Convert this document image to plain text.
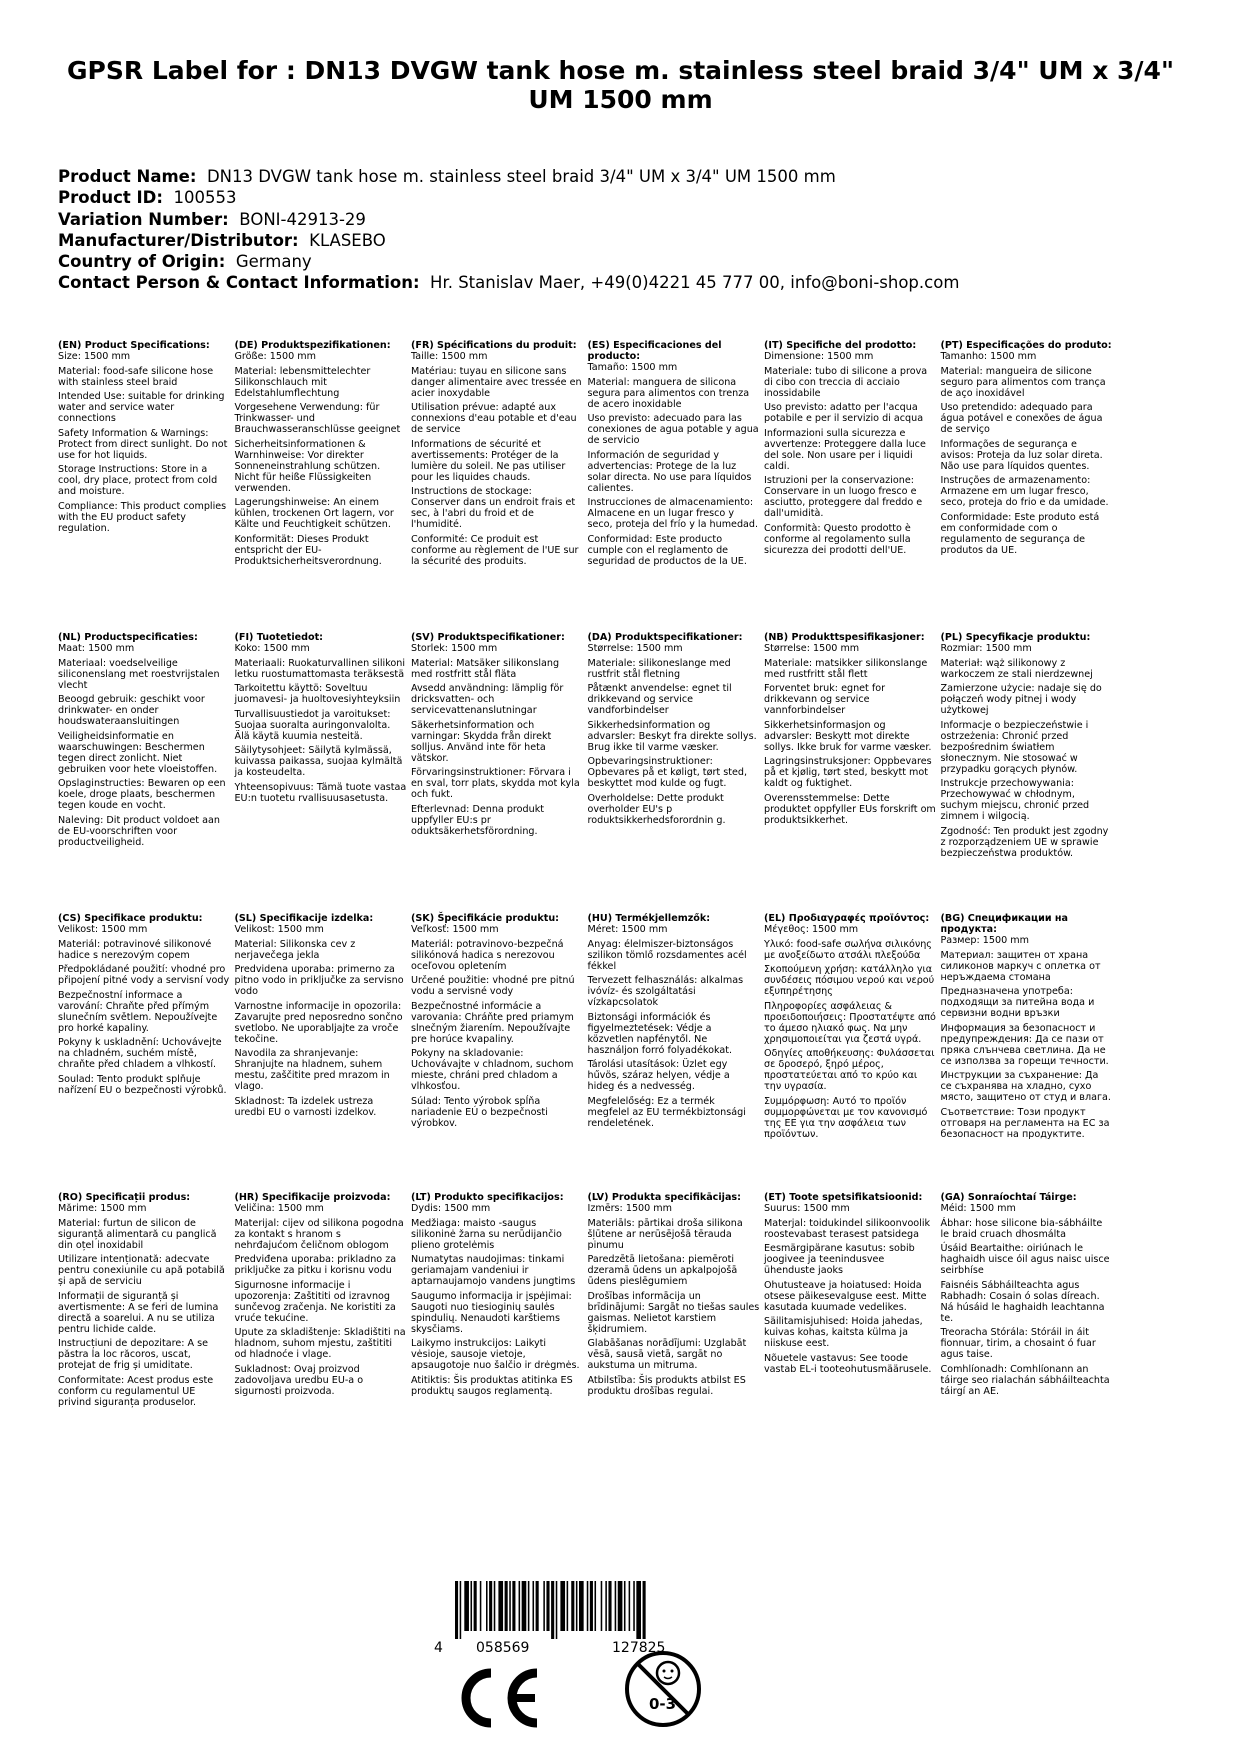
GPSR Label for : DN13 DVGW tank hose m. stainless steel braid 3/4" UM x 3/4" UM 1500 mm
Product Name: DN13 DVGW tank hose m. stainless steel braid 3/4" UM x 3/4" UM 1500 mm
Product ID: 100553
Variation Number: BONI-42913-29
Manufacturer/Distributor: KLASEBO
Country of Origin: Germany
Contact Person & Contact Information: Hr. Stanislav Maer, +49(0)4221 45 777 00, info@boni-shop.com
(EN) Product Specifications:

Size: 1500 mm

Material: food-safe silicone hose with stainless steel braid

Intended Use: suitable for drinking water and service water connections

Safety Information & Warnings: Protect from direct sunlight. Do not use for hot liquids.

Storage Instructions: Store in a cool, dry place, protect from cold and moisture.

Compliance: This product complies with the EU product safety regulation.

(DE) Produktspezifikationen:

Größe: 1500 mm

Material: lebensmittelechter Silikonschlauch mit Edelstahlumflechtung

Vorgesehene Verwendung: für Trinkwasser- und Brauchwasseranschlüsse geeignet

Sicherheitsinformationen & Warnhinweise: Vor direkter Sonneneinstrahlung schützen. Nicht für heiße Flüssigkeiten verwenden.

Lagerungshinweise: An einem kühlen, trockenen Ort lagern, vor Kälte und Feuchtigkeit schützen.

Konformität: Dieses Produkt entspricht der EU-Produktsicherheitsverordnung.

(FR) Spécifications du produit:

Taille: 1500 mm

Matériau: tuyau en silicone sans danger alimentaire avec tressée en acier inoxydable

Utilisation prévue: adapté aux connexions d'eau potable et d'eau de service

Informations de sécurité et avertissements: Protéger de la lumière du soleil. Ne pas utiliser pour les liquides chauds.

Instructions de stockage: Conserver dans un endroit frais et sec, à l'abri du froid et de l'humidité.

Conformité: Ce produit est conforme au règlement de l'UE sur la sécurité des produits.

(ES) Especificaciones del producto:

Tamaño: 1500 mm

Material: manguera de silicona segura para alimentos con trenza de acero inoxidable

Uso previsto: adecuado para las conexiones de agua potable y agua de servicio

Información de seguridad y advertencias: Protege de la luz solar directa. No use para líquidos calientes.

Instrucciones de almacenamiento: Almacene en un lugar fresco y seco, proteja del frío y la humedad.

Conformidad: Este producto cumple con el reglamento de seguridad de productos de la UE.

(IT) Specifiche del prodotto:

Dimensione: 1500 mm

Materiale: tubo di silicone a prova di cibo con treccia di acciaio inossidabile

Uso previsto: adatto per l'acqua potabile e per il servizio di acqua

Informazioni sulla sicurezza e avvertenze: Proteggere dalla luce del sole. Non usare per i liquidi caldi.

Istruzioni per la conservazione: Conservare in un luogo fresco e asciutto, proteggere dal freddo e dall'umidità.

Conformità: Questo prodotto è conforme al regolamento sulla sicurezza dei prodotti dell'UE.

(PT) Especificações do produto:

Tamanho: 1500 mm

Material: mangueira de silicone seguro para alimentos com trança de aço inoxidável

Uso pretendido: adequado para água potável e conexões de água de serviço

Informações de segurança e avisos: Proteja da luz solar direta. Não use para líquidos quentes.

Instruções de armazenamento: Armazene em um lugar fresco, seco, proteja do frio e da umidade.

Conformidade: Este produto está em conformidade com o regulamento de segurança de produtos da UE.

(NL) Productspecificaties:

Maat: 1500 mm

Materiaal: voedselveilige siliconenslang met roestvrijstalen vlecht

Beoogd gebruik: geschikt voor drinkwater- en onder houdswateraansluitingen

Veiligheidsinformatie en waarschuwingen: Beschermen tegen direct zonlicht. Niet gebruiken voor hete vloeistoffen.

Opslaginstructies: Bewaren op een koele, droge plaats, beschermen tegen koude en vocht.

Naleving: Dit product voldoet aan de EU-voorschriften voor productveiligheid.

(FI) Tuotetiedot:

Koko: 1500 mm

Materiaali: Ruokaturvallinen silikoni letku ruostumattomasta teräksestä

Tarkoitettu käyttö: Soveltuu juomavesi- ja huoltovesiyhteyksiin

Turvallisuustiedot ja varoitukset: Suojaa suoralta auringonvalolta. Älä käytä kuumia nesteitä.

Säilytysohjeet: Säilytä kylmässä, kuivassa paikassa, suojaa kylmältä ja kosteudelta.

Yhteensopivuus: Tämä tuote vastaa EU:n tuotetu rvallisuusasetusta.

(SV) Produktspecifikationer:

Storlek: 1500 mm

Material: Matsäker silikonslang med rostfritt stål fläta

Avsedd användning: lämplig för dricksvatten- och servicevattenanslutningar

Säkerhetsinformation och varningar: Skydda från direkt solljus. Använd inte för heta vätskor.

Förvaringsinstruktioner: Förvara i en sval, torr plats, skydda mot kyla och fukt.

Efterlevnad: Denna produkt uppfyller EU:s pr oduktsäkerhetsförordning.

(DA) Produktspecifikationer:

Størrelse: 1500 mm

Materiale: silikoneslange med rustfrit stål fletning

Påtænkt anvendelse: egnet til drikkevand og service vandforbindelser

Sikkerhedsinformation og advarsler: Beskyt fra direkte sollys. Brug ikke til varme væsker.

Opbevaringsinstruktioner: Opbevares på et køligt, tørt sted, beskyttet mod kulde og fugt.

Overholdelse: Dette produkt overholder EU's p roduktsikkerhedsforordnin g.

(NB) Produkttspesifikasjoner:

Størrelse: 1500 mm

Materiale: matsikker silikonslange med rustfritt stål flett

Forventet bruk: egnet for drikkevann og service vannforbindelser

Sikkerhetsinformasjon og advarsler: Beskytt mot direkte sollys. Ikke bruk for varme væsker.

Lagringsinstruksjoner: Oppbevares på et kjølig, tørt sted, beskytt mot kaldt og fuktighet.

Overensstemmelse: Dette produktet oppfyller EUs forskrift om produktsikkerhet.

(PL) Specyfikacje produktu:

Rozmiar: 1500 mm

Materiał: wąż silikonowy z warkoczem ze stali nierdzewnej

Zamierzone użycie: nadaje się do połączeń wody pitnej i wody użytkowej

Informacje o bezpieczeństwie i ostrzeżenia: Chronić przed bezpośrednim światłem słonecznym. Nie stosować w przypadku gorących płynów.

Instrukcje przechowywania: Przechowywać w chłodnym, suchym miejscu, chronić przed zimnem i wilgocią.

Zgodność: Ten produkt jest zgodny z rozporządzeniem UE w sprawie bezpieczeństwa produktów.

(CS) Specifikace produktu:

Velikost: 1500 mm

Materiál: potravinové silikonové hadice s nerezovým copem

Předpokládané použití: vhodné pro připojení pitné vody a servisní vody

Bezpečnostní informace a varování: Chraňte před přímým slunečním světlem. Nepoužívejte pro horké kapaliny.

Pokyny k uskladnění: Uchovávejte na chladném, suchém místě, chraňte před chladem a vlhkostí.

Soulad: Tento produkt splňuje nařízení EU o bezpečnosti výrobků.

(SL) Specifikacije izdelka:

Velikost: 1500 mm

Material: Silikonska cev z nerjavečega jekla

Predvidena uporaba: primerno za pitno vodo in priključke za servisno vodo

Varnostne informacije in opozorila: Zavarujte pred neposredno sončno svetlobo. Ne uporabljajte za vroče tekočine.

Navodila za shranjevanje: Shranjujte na hladnem, suhem mestu, zaščitite pred mrazom in vlago.

Skladnost: Ta izdelek ustreza uredbi EU o varnosti izdelkov.

(SK) Špecifikácie produktu:

Veľkosť: 1500 mm

Materiál: potravinovo-bezpečná silikónová hadica s nerezovou oceľovou opletením

Určené použitie: vhodné pre pitnú vodu a servisné vody

Bezpečnostné informácie a varovania: Chráňte pred priamym slnečným žiarením. Nepoužívajte pre horúce kvapaliny.

Pokyny na skladovanie: Uchovávajte v chladnom, suchom mieste, chráni pred chladom a vlhkosťou.

Súlad: Tento výrobok spĺňa nariadenie EÚ o bezpečnosti výrobkov.

(HU) Termékjellemzők:

Méret: 1500 mm

Anyag: élelmiszer-biztonságos szilikon tömlő rozsdamentes acél fékkel

Tervezett felhasználás: alkalmas ivóvíz- és szolgáltatási vízkapcsolatok

Biztonsági információk és figyelmeztetések: Védje a közvetlen napfénytől. Ne használjon forró folyadékokat.

Tárolási utasítások: Üzlet egy hűvös, száraz helyen, védje a hideg és a nedvesség.

Megfelelőség: Ez a termék megfelel az EU termékbiztonsági rendeletének.

(EL) Προδιαγραφές προϊόντος:

Μέγεθος: 1500 mm

Υλικό: food-safe σωλήνα σιλικόνης με ανοξείδωτο ατσάλι πλεξούδα

Σκοπούμενη χρήση: κατάλληλο για συνδέσεις πόσιμου νερού και νερού εξυπηρέτησης

Πληροφορίες ασφάλειας & προειδοποιήσεις: Προστατέψτε από το άμεσο ηλιακό φως. Να μην χρησιμοποιείται για ζεστά υγρά.

Οδηγίες αποθήκευσης: Φυλάσσεται σε δροσερό, ξηρό μέρος, προστατεύεται από το κρύο και την υγρασία.

Συμμόρφωση: Αυτό το προϊόν συμμορφώνεται με τον κανονισμό της ΕΕ για την ασφάλεια των προϊόντων.

(BG) Спецификации на продукта:

Размер: 1500 mm

Материал: защитен от храна силиконов маркуч с оплетка от неръждаема стомана

Предназначена употреба: подходящи за питейна вода и сервизни водни връзки

Информация за безопасност и предупреждения: Да се пази от пряка слънчева светлина. Да не се използва за горещи течности.

Инструкции за съхранение: Да се съхранява на хладно, сухо място, защитено от студ и влага.

Съответствие: Този продукт отговаря на регламента на ЕС за безопасност на продуктите.

(RO) Specificații produs:

Mărime: 1500 mm

Material: furtun de silicon de siguranță alimentară cu panglică din oțel inoxidabil

Utilizare intenționată: adecvate pentru conexiunile cu apă potabilă și apă de serviciu

Informații de siguranță și avertismente: A se feri de lumina directă a soarelui. A nu se utiliza pentru lichide calde.

Instrucțiuni de depozitare: A se păstra la loc răcoros, uscat, protejat de frig și umiditate.

Conformitate: Acest produs este conform cu regulamentul UE privind siguranța produselor.

(HR) Specifikacije proizvoda:

Veličina: 1500 mm

Materijal: cijev od silikona pogodna za kontakt s hranom s nehrđajućom čeličnom oblogom

Predviđena uporaba: prikladno za priključke za pitku i korisnu vodu

Sigurnosne informacije i upozorenja: Zaštititi od izravnog sunčevog zračenja. Ne koristiti za vruće tekućine.

Upute za skladištenje: Skladištiti na hladnom, suhom mjestu, zaštititi od hladnoće i vlage.

Sukladnost: Ovaj proizvod zadovoljava uredbu EU-a o sigurnosti proizvoda.

(LT) Produkto specifikacijos:

Dydis: 1500 mm

Medžiaga: maisto -saugus silikoninė žarna su nerūdijančio plieno grotelėmis

Numatytas naudojimas: tinkami geriamajam vandeniui ir aptarnaujamojo vandens jungtims

Saugumo informacija ir įspėjimai: Saugoti nuo tiesioginių saulės spindulių. Nenaudoti karštiems skysčiams.

Laikymo instrukcijos: Laikyti vėsioje, sausoje vietoje, apsaugotoje nuo šalčio ir drėgmės.

Atitiktis: Šis produktas atitinka ES produktų saugos reglamentą.

(LV) Produkta specifikācijas:

Izmērs: 1500 mm

Materiāls: pārtikai droša silikona šļūtene ar nerūsējošā tērauda pinumu

Paredzētā lietošana: piemēroti dzeramā ūdens un apkalpojošā ūdens pieslēgumiem

Drošības informācija un brīdinājumi: Sargāt no tiešas saules gaismas. Nelietot karstiem šķidrumiem.

Glabāšanas norādījumi: Uzglabāt vēsā, sausā vietā, sargāt no aukstuma un mitruma.

Atbilstība: Šis produkts atbilst ES produktu drošības regulai.

(ET) Toote spetsifikatsioonid:

Suurus: 1500 mm

Materjal: toidukindel silikoonvoolik roostevabast terasest patsidega

Eesmärgipärane kasutus: sobib joogivee ja teenindusvee ühenduste jaoks

Ohutusteave ja hoiatused: Hoida otsese päikesevalguse eest. Mitte kasutada kuumade vedelikes.

Säilitamisjuhised: Hoida jahedas, kuivas kohas, kaitsta külma ja niiskuse eest.

Nõuetele vastavus: See toode vastab EL-i tooteohutusmäärusele.

(GA) Sonraíochtaí Táirge:

Méid: 1500 mm

Ábhar: hose silicone bia-sábháilte le braid cruach dhosmálta

Úsáid Beartaithe: oiriúnach le haghaidh uisce óil agus naisc uisce seirbhíse

Faisnéis Sábháilteachta agus Rabhadh: Cosain ó solas díreach. Ná húsáid le haghaidh leachtanna te.

Treoracha Stórála: Stóráil in áit fionnuar, tirim, a chosaint ó fuar agus taise.

Comhlíonadh: Comhlíonann an táirge seo rialachán sábháilteachta táirgí an AE.

4 058569	127825
0-3
